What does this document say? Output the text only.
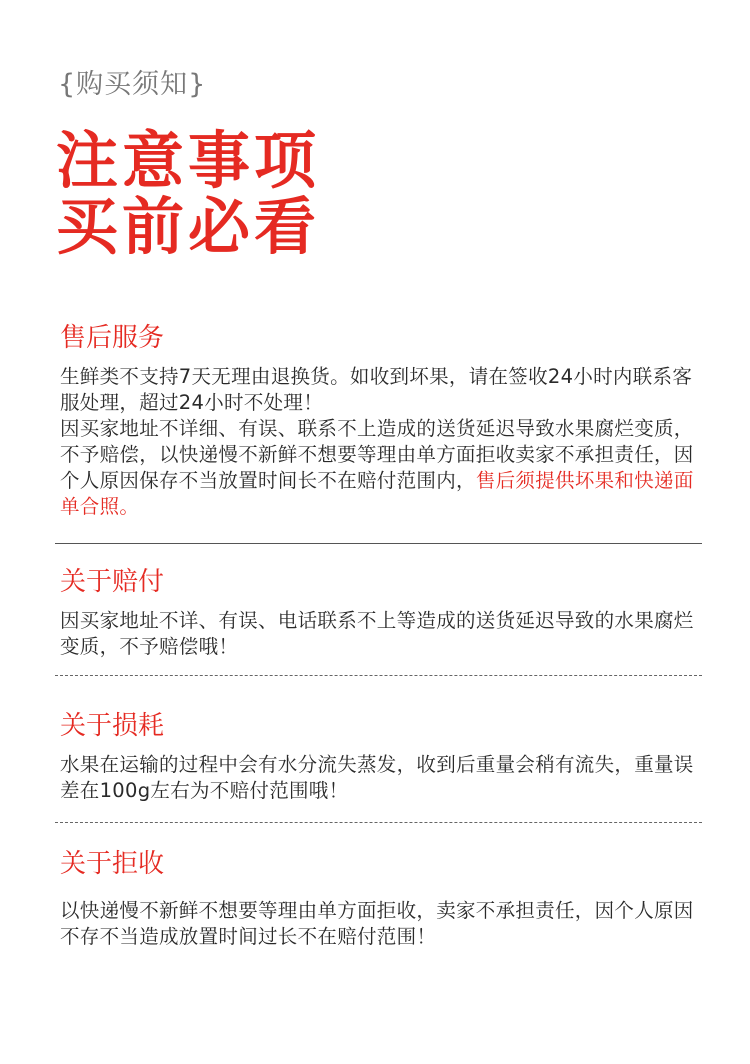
{购买须知}
注意事项
买前必看
售后服务

生鲜类不支持7天无理由退换货。如收到坏果，请在签收24小时内联系客服处理，超过24小时不处理！

因买家地址不详细、有误、联系不上造成的送货延迟导致水果腐烂变质，不予赔偿，以快递慢不新鲜不想要等理由单方面拒收卖家不承担责任，因个人原因保存不当放置时间长不在赔付范围内，售后须提供坏果和快递面单合照。

关于赔付

因买家地址不详、有误、电话联系不上等造成的送货延迟导致的水果腐烂变质，不予赔偿哦！

关于损耗

水果在运输的过程中会有水分流失蒸发，收到后重量会稍有流失，重量误差在100g左右为不赔付范围哦！

关于拒收

以快递慢不新鲜不想要等理由单方面拒收，卖家不承担责任，因个人原因不存不当造成放置时间过长不在赔付范围！
